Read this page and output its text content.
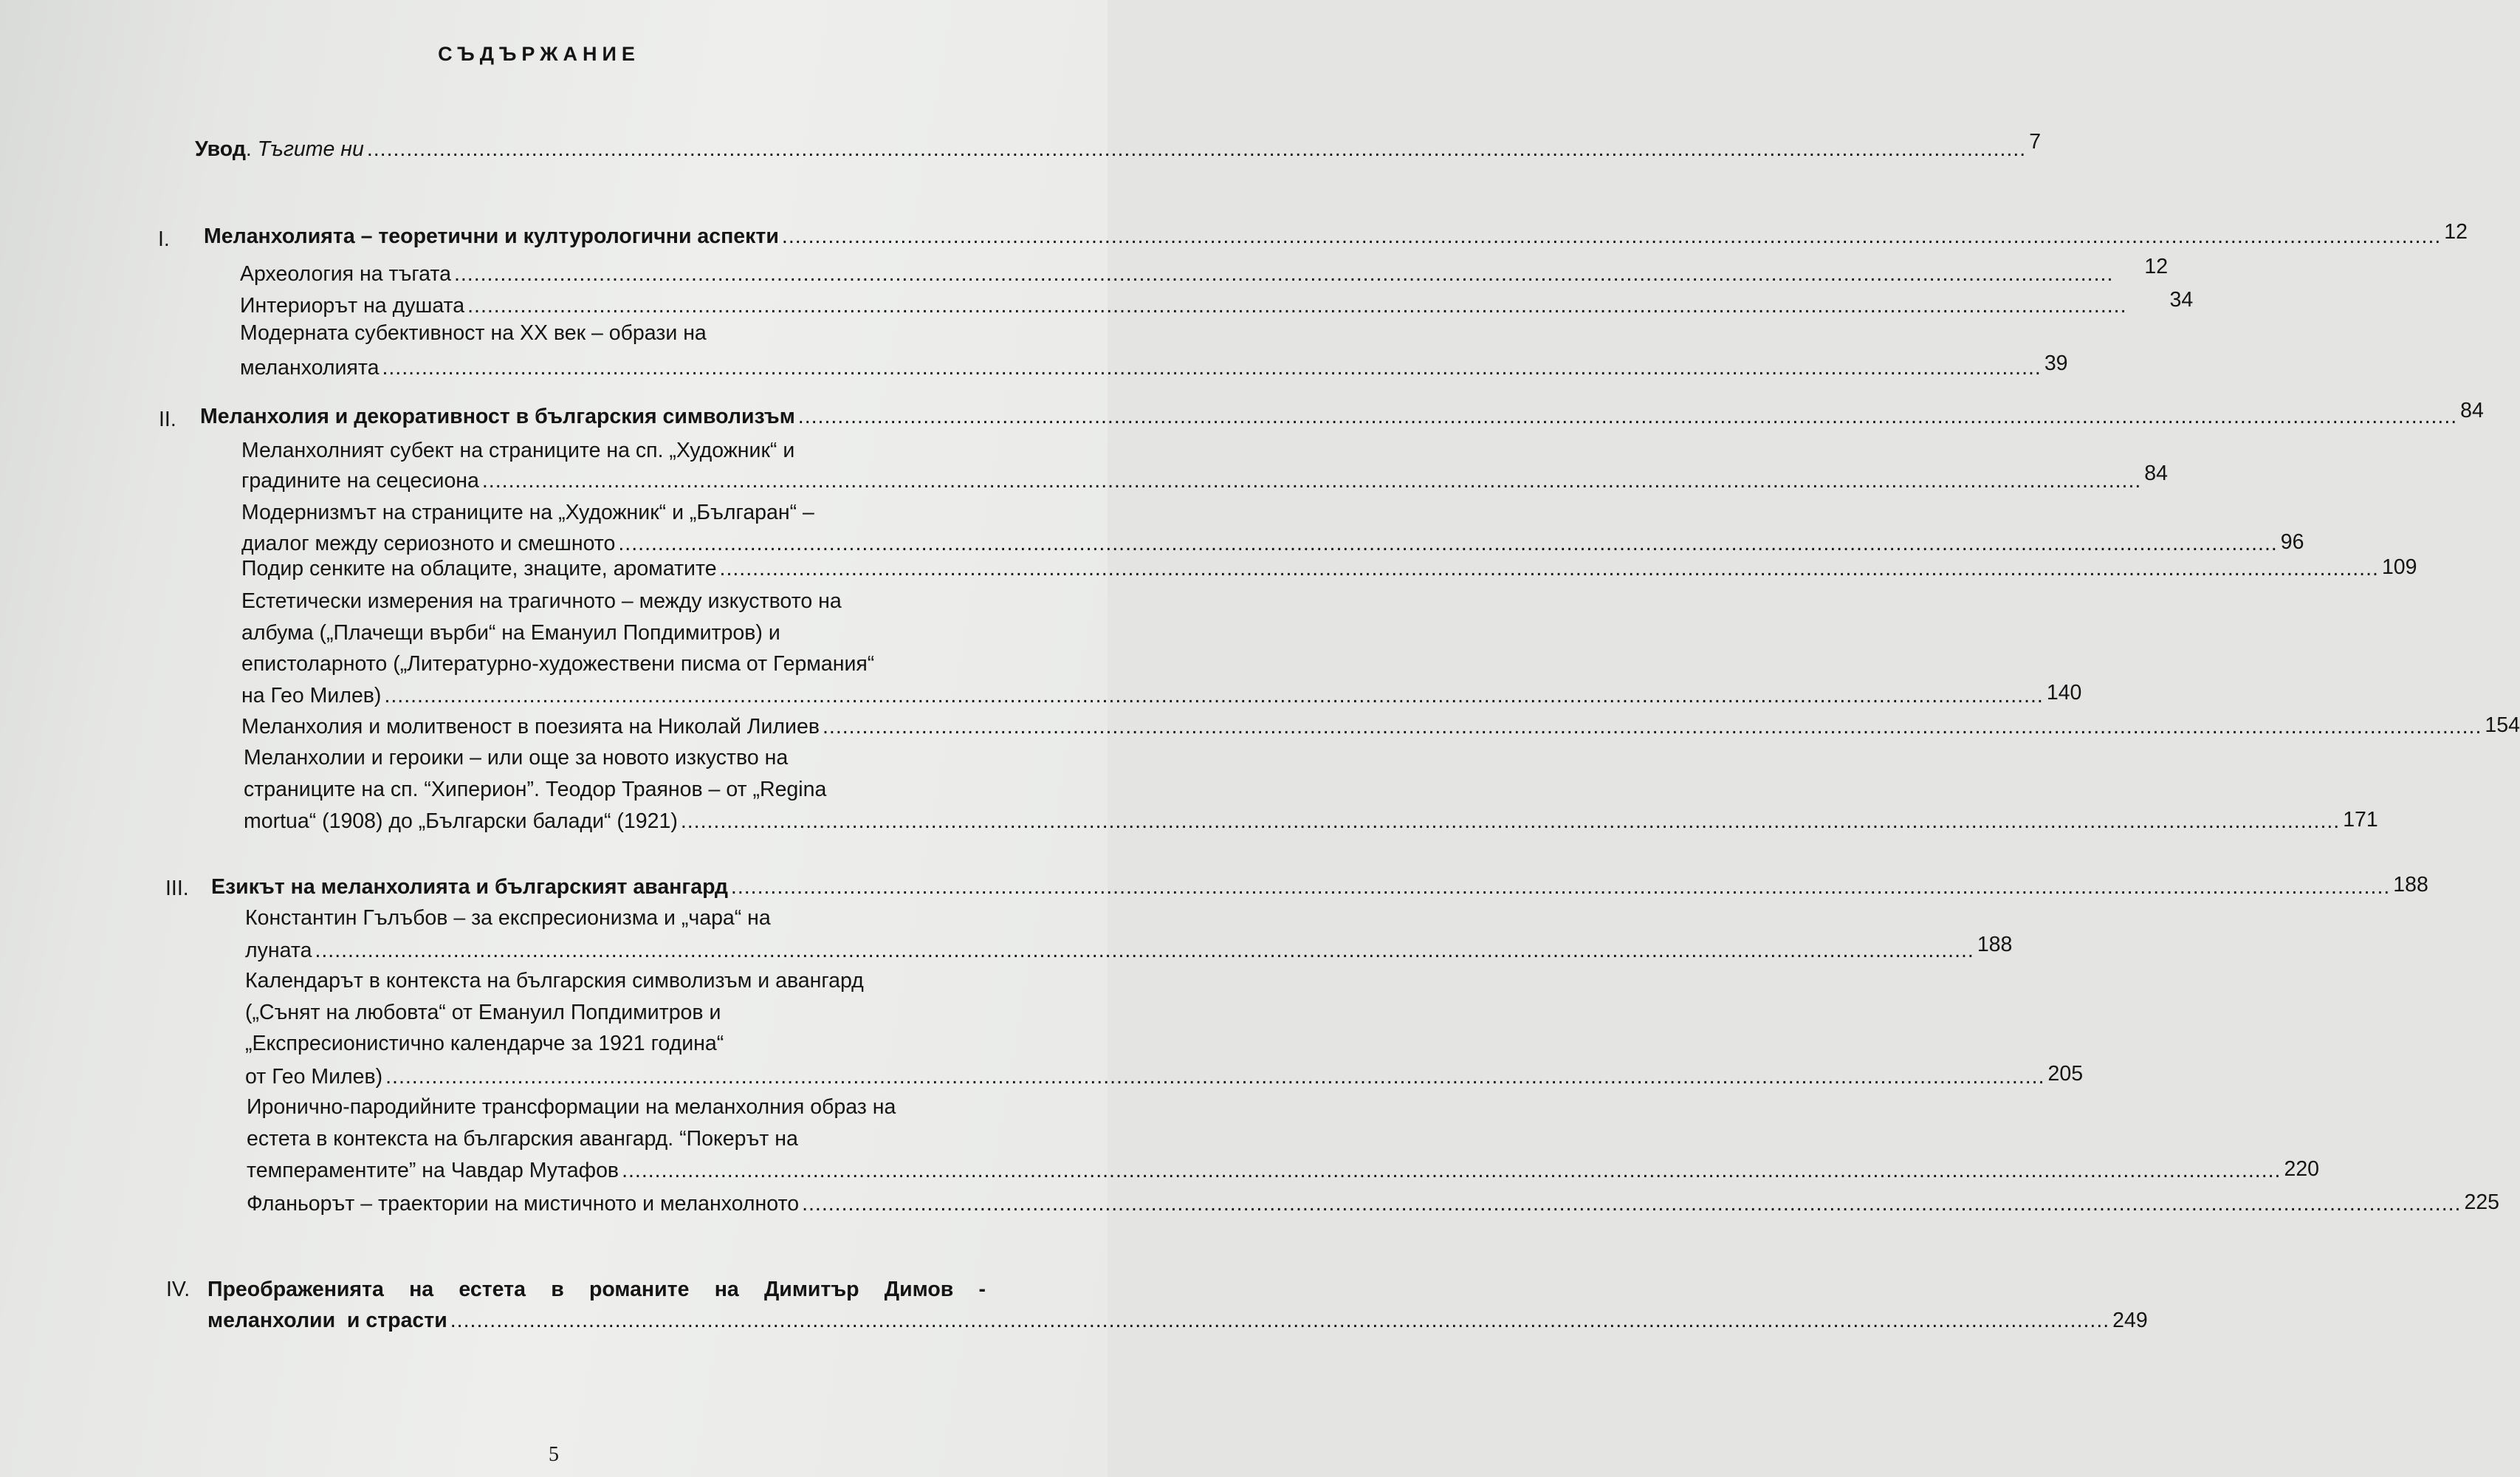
СЪДЪРЖАНИЕ
Увод. Тъгите ни ............................................................................................................................................................................................................................................................ 7
I. Меланхолията – теоретични и културологични аспекти ............................................................................................................................................................................................................................................................ 12
Археология на тъгата ............................................................................................................................................................................................................................................................ 12
Интериорът на душата ............................................................................................................................................................................................................................................................ 34
Модерната субективност на XX век – образи на
меланхолията ............................................................................................................................................................................................................................................................ 39
II. Меланхолия и декоративност в българския символизъм ............................................................................................................................................................................................................................................................ 84
Меланхолният субект на страниците на сп. „Художник“ и
градините на сецесиона ............................................................................................................................................................................................................................................................ 84
Модернизмът на страниците на „Художник“ и „Българан“ –
диалог между сериозното и смешното ............................................................................................................................................................................................................................................................ 96
Подир сенките на облаците, знаците, ароматите ............................................................................................................................................................................................................................................................ 109
Естетически измерения на трагичното – между изкуството на
албума („Плачещи върби“ на Емануил Попдимитров) и
епистоларното („Литературно-художествени писма от Германия“
на Гео Милев) ............................................................................................................................................................................................................................................................ 140
Меланхолия и молитвеност в поезията на Николай Лилиев ............................................................................................................................................................................................................................................................ 154
Меланхолии и героики – или още за новото изкуство на
страниците на сп. “Хиперион”. Теодор Траянов – от „Regina
mortua“ (1908) до „Български балади“ (1921) ............................................................................................................................................................................................................................................................ 171
III. Езикът на меланхолията и българският авангард ............................................................................................................................................................................................................................................................ 188
Константин Гълъбов – за експресионизма и „чара“ на
луната ............................................................................................................................................................................................................................................................ 188
Календарът в контекста на българския символизъм и авангард
(„Сънят на любовта“ от Емануил Попдимитров и
„Експресионистично календарче за 1921 година“
от Гео Милев) ............................................................................................................................................................................................................................................................ 205
Иронично-пародийните трансформации на меланхолния образ на
естета в контекста на българския авангард. “Покерът на
темпераментите” на Чавдар Мутафов ............................................................................................................................................................................................................................................................ 220
Фланьорът – траектории на мистичното и меланхолното ............................................................................................................................................................................................................................................................ 225
IV. Преображенията на естета в романите на Димитър Димов -
меланхолии  и страсти ............................................................................................................................................................................................................................................................ 249
5
